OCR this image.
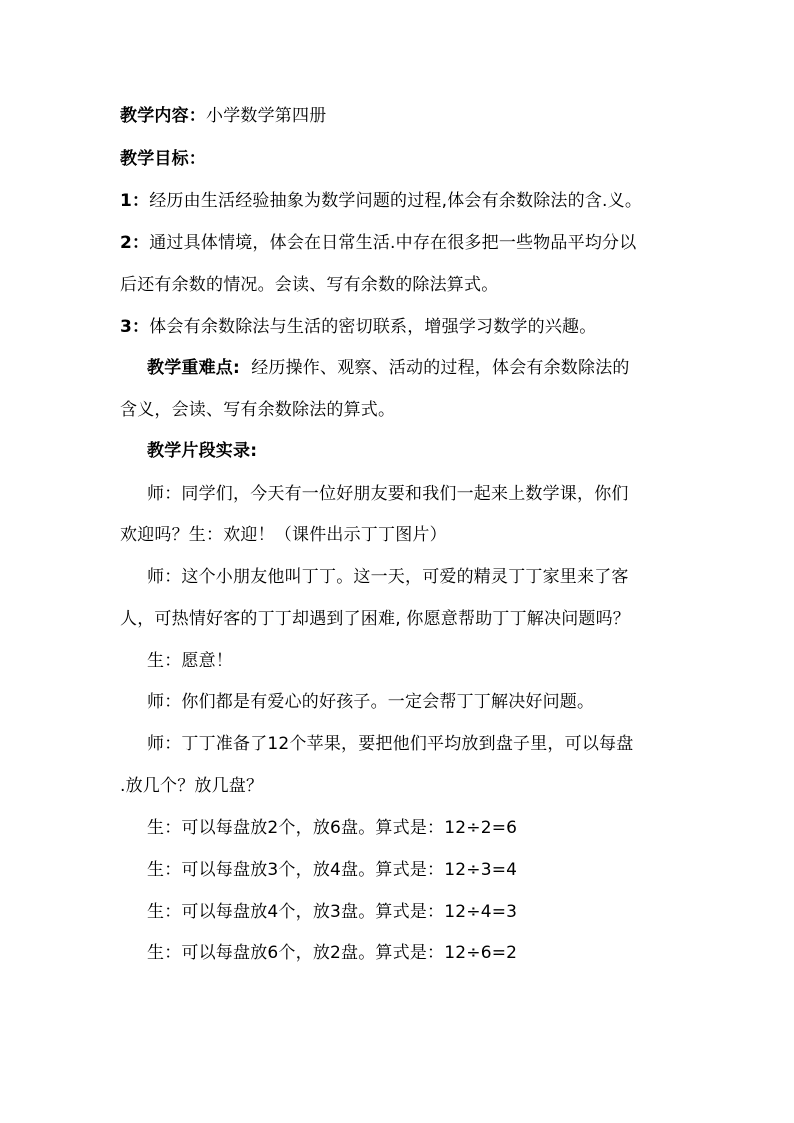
教学内容：小学数学第四册
教学目标：
1：经历由生活经验抽象为数学问题的过程,体会有余数除法的含.义。
2：通过具体情境，体会在日常生活.中存在很多把一些物品平均分以
后还有余数的情况。会读、写有余数的除法算式。
3：体会有余数除法与生活的密切联系，增强学习数学的兴趣。
教学重难点:  经历操作、观察、活动的过程，体会有余数除法的
含义，会读、写有余数除法的算式。
教学片段实录:
师：同学们，今天有一位好朋友要和我们一起来上数学课，你们
欢迎吗？生：欢迎！（课件出示丁丁图片）
师：这个小朋友他叫丁丁。这一天，可爱的精灵丁丁家里来了客
人，可热情好客的丁丁却遇到了困难, 你愿意帮助丁丁解决问题吗？
生：愿意！
师：你们都是有爱心的好孩子。一定会帮丁丁解决好问题。
师：丁丁准备了12个苹果，要把他们平均放到盘子里，可以每盘
.放几个？放几盘？
生：可以每盘放2个，放6盘。算式是：12÷2=6
生：可以每盘放3个，放4盘。算式是：12÷3=4
生：可以每盘放4个，放3盘。算式是：12÷4=3
生：可以每盘放6个，放2盘。算式是：12÷6=2
